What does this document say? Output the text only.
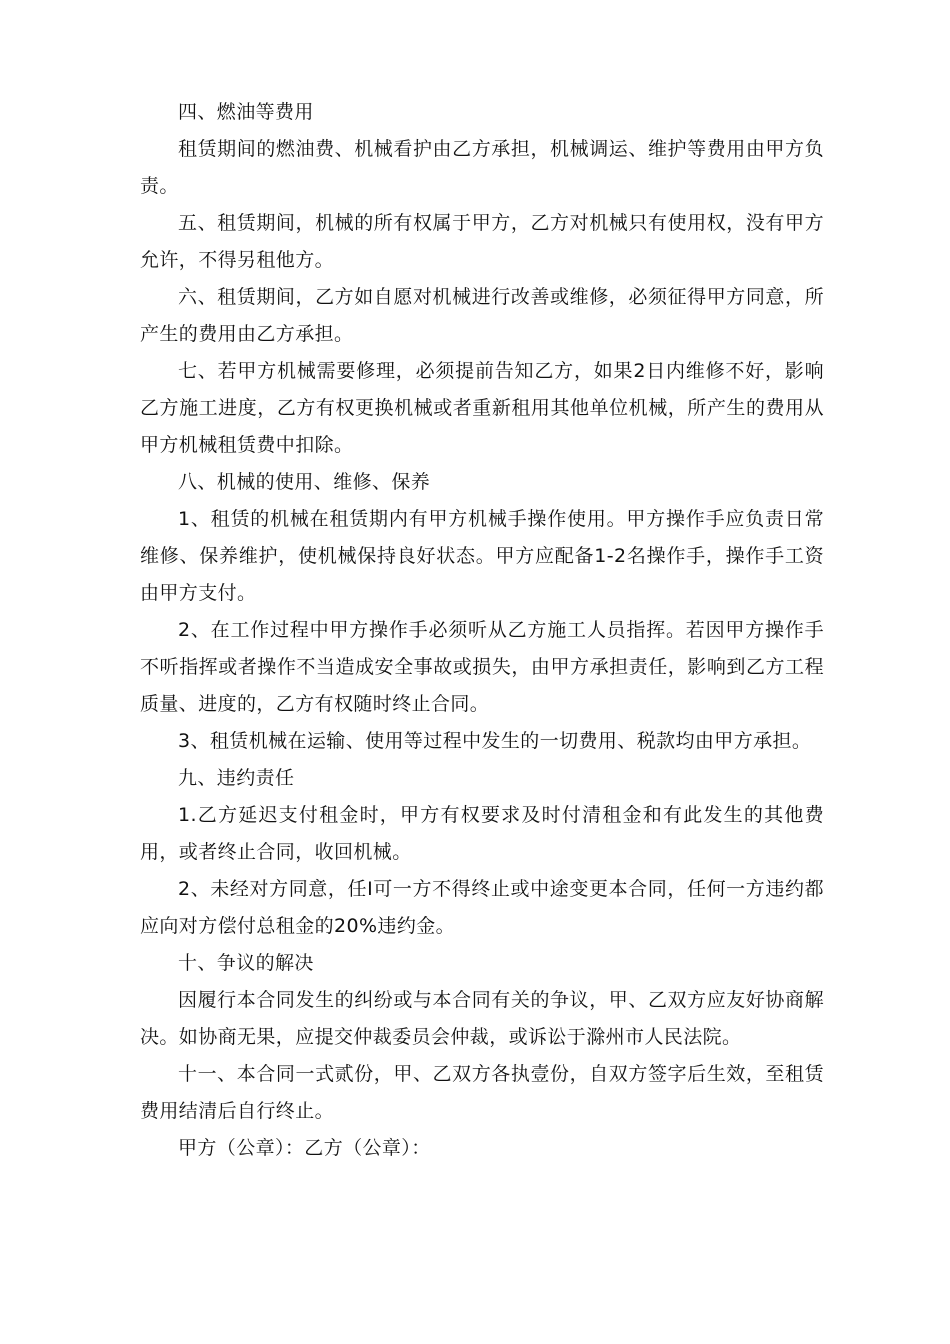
四、燃油等费用

租赁期间的燃油费、机械看护由乙方承担，机械调运、维护等费用由甲方负责。

五、租赁期间，机械的所有权属于甲方，乙方对机械只有使用权，没有甲方允许，不得另租他方。

六、租赁期间，乙方如自愿对机械进行改善或维修，必须征得甲方同意，所产生的费用由乙方承担。

七、若甲方机械需要修理，必须提前告知乙方，如果2日内维修不好，影响乙方施工进度，乙方有权更换机械或者重新租用其他单位机械，所产生的费用从甲方机械租赁费中扣除。

八、机械的使用、维修、保养

1、租赁的机械在租赁期内有甲方机械手操作使用。甲方操作手应负责日常维修、保养维护，使机械保持良好状态。甲方应配备1-2名操作手，操作手工资由甲方支付。

2、在工作过程中甲方操作手必须听从乙方施工人员指挥。若因甲方操作手不听指挥或者操作不当造成安全事故或损失，由甲方承担责任，影响到乙方工程质量、进度的，乙方有权随时终止合同。

3、租赁机械在运输、使用等过程中发生的一切费用、税款均由甲方承担。

九、违约责任

1.乙方延迟支付租金时，甲方有权要求及时付清租金和有此发生的其他费用，或者终止合同，收回机械。

2、未经对方同意，任I可一方不得终止或中途变更本合同，任何一方违约都应向对方偿付总租金的20%违约金。

十、争议的解决

因履行本合同发生的纠纷或与本合同有关的争议，甲、乙双方应友好协商解决。如协商无果，应提交仲裁委员会仲裁，或诉讼于滁州市人民法院。

十一、本合同一式贰份，甲、乙双方各执壹份，自双方签字后生效，至租赁费用结清后自行终止。

甲方（公章）：乙方（公章）：
